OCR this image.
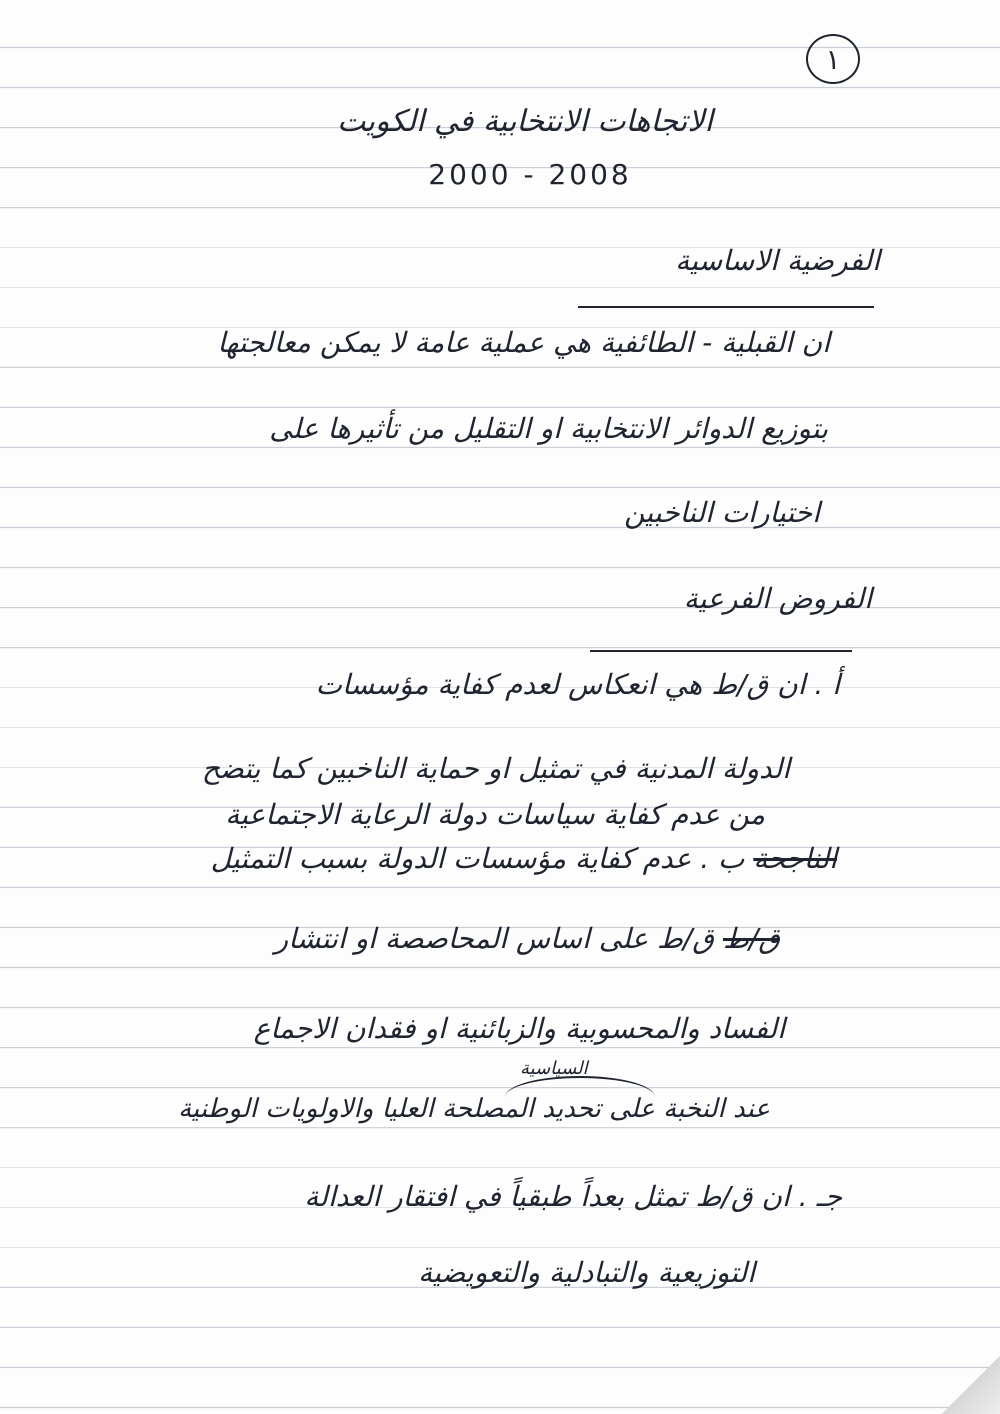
١
الاتجاهات الانتخابية في الكويت
2000 - 2008
الفرضية الاساسية
ان القبلية - الطائفية هي عملية عامة لا يمكن معالجتها
بتوزيع الدوائر الانتخابية او التقليل من تأثيرها على
اختيارات الناخبين
الفروض الفرعية
أ . ان ق/ط هي انعكاس لعدم كفاية مؤسسات
الدولة المدنية في تمثيل او حماية الناخبين كما يتضح
من عدم كفاية سياسات دولة الرعاية الاجتماعية
الناجحة ب . عدم كفاية مؤسسات الدولة بسبب التمثيل
ق/ط ق/ط على اساس المحاصصة او انتشار
الفساد والمحسوبية والزبائنية او فقدان الاجماع
السياسية
عند النخبة على تحديد المصلحة العليا والاولويات الوطنية
جـ . ان ق/ط تمثل بعداً طبقياً في افتقار العدالة
التوزيعية والتبادلية والتعويضية
